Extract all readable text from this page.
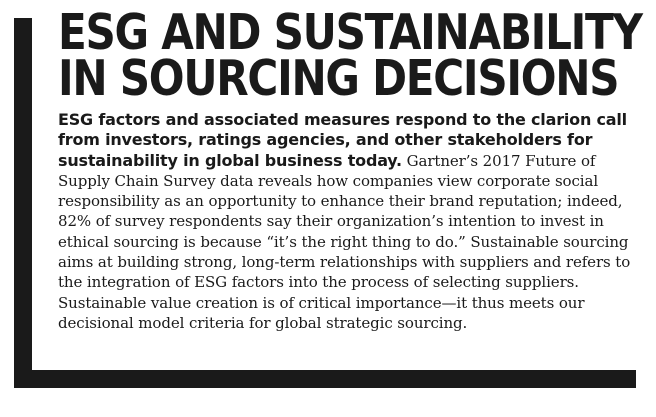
ESG AND SUSTAINABILITY
IN SOURCING DECISIONS

ESG factors and associated measures respond to the clarion call from investors, ratings agencies, and other stakeholders for sustainability in global business today. Gartner’s 2017 Future of Supply Chain Survey data reveals how companies view corporate social responsibility as an opportunity to enhance their brand reputation; indeed, 82% of survey respondents say their organization’s intention to invest in ethical sourcing is because “it’s the right thing to do.” Sustainable sourcing aims at building strong, long-term relationships with suppliers and refers to the integration of ESG factors into the process of selecting suppliers. Sustainable value creation is of critical importance—it thus meets our decisional model criteria for global strategic sourcing.
